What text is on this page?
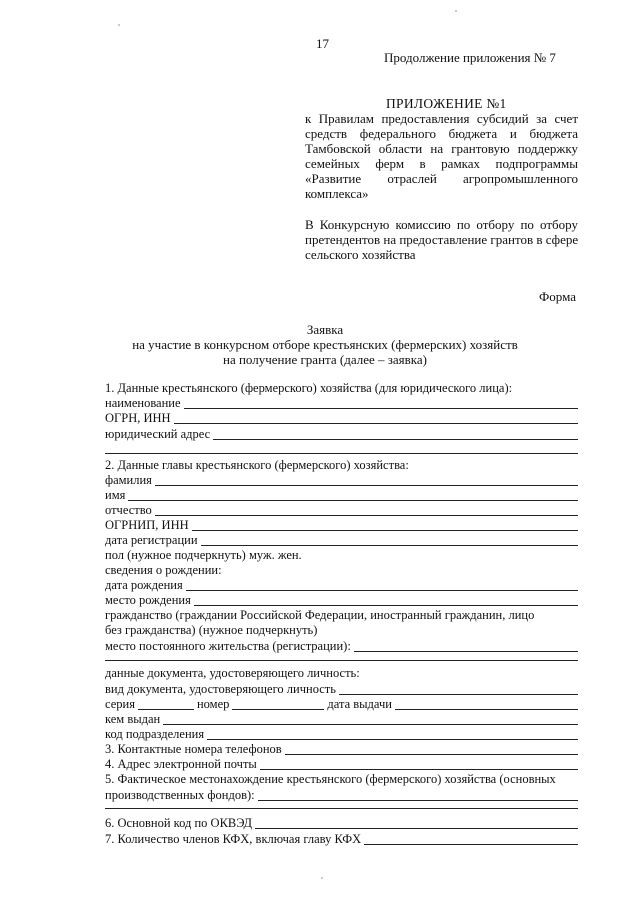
17
Продолжение приложения № 7
ПРИЛОЖЕНИЕ №1
к Правилам предоставления субсидий за счет
средств федерального бюджета и бюджета
Тамбовской области на грантовую поддержку
семейных ферм в рамках подпрограммы
«Развитие отраслей агропромышленного
комплекса»
В Конкурсную комиссию по отбору по отбору
претендентов на предоставление грантов в сфере
сельского хозяйства
Форма
Заявка
на участие в конкурсном отборе крестьянских (фермерских) хозяйств
на получение гранта (далее – заявка)
1. Данные крестьянского (фермерского) хозяйства (для юридического лица):
наименование
ОГРН, ИНН
юридический адрес
2. Данные главы крестьянского (фермерского) хозяйства:
фамилия
имя
отчество
ОГРНИП, ИНН
дата регистрации
пол (нужное подчеркнуть) муж. жен.
сведения о рождении:
дата рождения
место рождения
гражданство (граждании Российской Федерации, иностранный гражданин, лицо
без гражданства) (нужное подчеркнуть)
место постоянного жительства (регистрации):
данные документа, удостоверяющего личность:
вид документа, удостоверяющего личность
серия	номер	дата выдачи
кем выдан
код подразделения
3. Контактные номера телефонов
4. Адрес электронной почты
5. Фактическое местонахождение крестьянского (фермерского) хозяйства (основных
производственных фондов):
6. Основной код по ОКВЭД
7. Количество членов КФХ, включая главу КФХ
